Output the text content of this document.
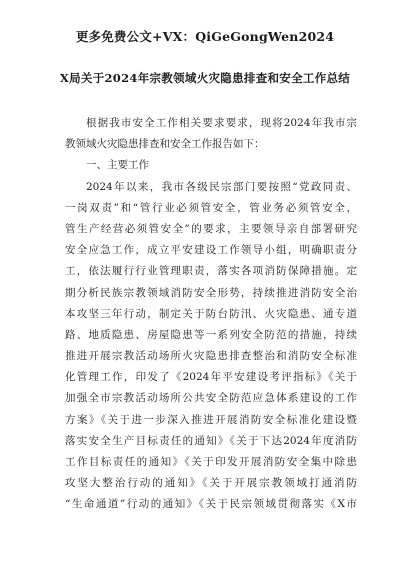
更多免费公文+VX：QiGeGongWen2024
X局关于2024年宗教领域火灾隐患排查和安全工作总结
根据我市安全工作相关要求要求，现将2024年我市宗
教领域火灾隐患排查和安全工作报告如下：
一、主要工作
2024年以来，我市各级民宗部门要按照“党政同责、
一岗双责”和“管行业必须管安全，管业务必须管安全，
管生产经营必须管安全”的要求，主要领导亲自部署研究
安全应急工作，成立平安建设工作领导小组，明确职责分
工，依法履行行业管理职责，落实各项消防保障措施。定
期分析民族宗教领域消防安全形势，持续推进消防安全治
本攻坚三年行动，制定关于防台防汛、火灾隐患、通专道
路、地质隐患、房屋隐患等一系列安全防范的措施，持续
推进开展宗教活动场所火灾隐患排查整治和消防安全标准
化管理工作，印发了《2024年平安建设考评指标》《关于
加强全市宗教活动场所公共安全防范应急体系建设的工作
方案》《关于进一步深入推进开展消防安全标准化建设暨
落实安全生产目标责任的通知》《关于下达2024年度消防
工作目标责任的通知》《关于印发开展消防安全集中除患
攻坚大整治行动的通知》《关于开展宗教领域打通消防
“生命通道”行动的通知》《关于民宗领域贯彻落实《X市
